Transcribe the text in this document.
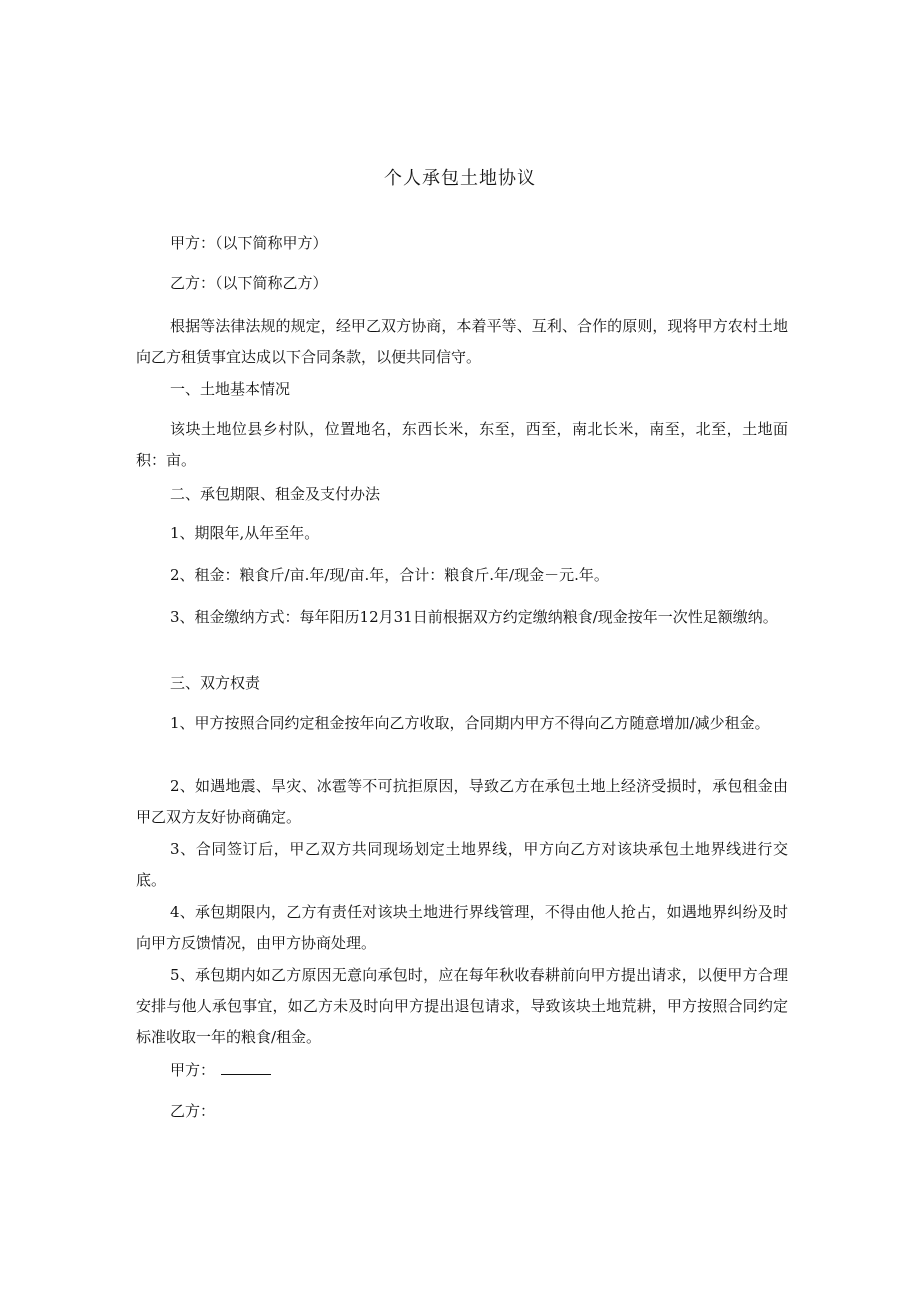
个人承包土地协议

甲方：（以下简称甲方）

乙方：（以下简称乙方）

根据等法律法规的规定，经甲乙双方协商，本着平等、互利、合作的原则，现将甲方农村土地向乙方租赁事宜达成以下合同条款，以便共同信守。

一、土地基本情况

该块土地位县乡村队，位置地名，东西长米，东至，西至，南北长米，南至，北至，土地面积：亩。

二、承包期限、租金及支付办法

1、期限年,从年至年。

2、租金：粮食斤/亩.年/现/亩.年，合计：粮食斤.年/现金－元.年。

3、租金缴纳方式：每年阳历12月31日前根据双方约定缴纳粮食/现金按年一次性足额缴纳。

三、双方权责

1、甲方按照合同约定租金按年向乙方收取，合同期内甲方不得向乙方随意增加/减少租金。

2、如遇地震、旱灾、冰雹等不可抗拒原因，导致乙方在承包土地上经济受损时，承包租金由甲乙双方友好协商确定。

3、合同签订后，甲乙双方共同现场划定土地界线，甲方向乙方对该块承包土地界线进行交底。

4、承包期限内，乙方有责任对该块土地进行界线管理，不得由他人抢占，如遇地界纠纷及时向甲方反馈情况，由甲方协商处理。

5、承包期内如乙方原因无意向承包时，应在每年秋收春耕前向甲方提出请求，以便甲方合理安排与他人承包事宜，如乙方未及时向甲方提出退包请求，导致该块土地荒耕，甲方按照合同约定标准收取一年的粮食/租金。

甲方：

乙方：
